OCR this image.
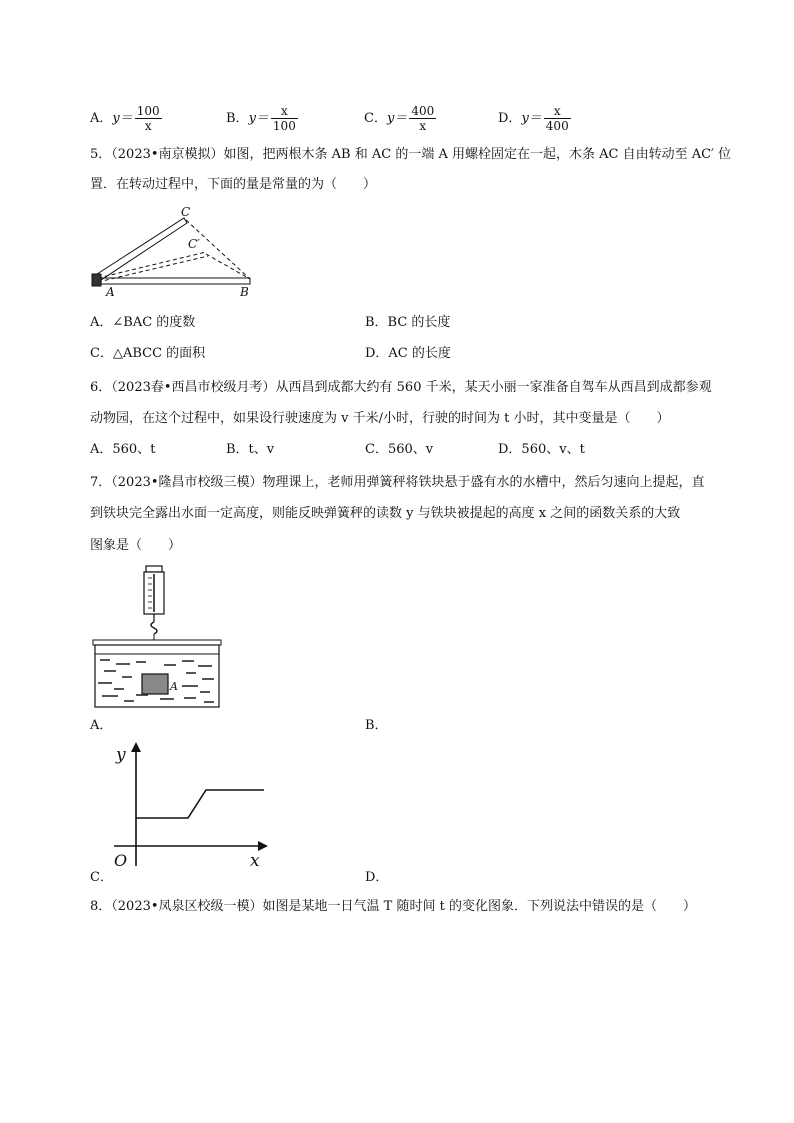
A．$y= \frac{100}{x}$	B．$y= \frac{x}{100}$	C．$y= \frac{400}{x}$	D．$y= \frac{x}{400}$
5．（2023•南京模拟）如图，把两根木条 AB 和 AC 的一端 A 用螺栓固定在一起，木条 AC 自由转动至 AC′ 位
置．在转动过程中，下面的量是常量的为（　　）
C
C′
A	B
A．∠BAC 的度数	B．BC 的长度
C．△ABCC 的面积	D．AC 的长度
6．（2023春•西昌市校级月考）从西昌到成都大约有 560 千米，某天小丽一家准备自驾车从西昌到成都参观
动物园，在这个过程中，如果设行驶速度为 v 千米/小时，行驶的时间为 t 小时，其中变量是（　　）
A．560、t	B．t、v	C．560、v	D．560、v、t
7．（2023•隆昌市校级三模）物理课上，老师用弹簧秤将铁块悬于盛有水的水槽中，然后匀速向上提起，直
到铁块完全露出水面一定高度，则能反映弹簧秤的读数 y 与铁块被提起的高度 x 之间的函数关系的大致
图象是（　　）
A
A．	B．
y
x
O
C．	D．
8．（2023•凤泉区校级一模）如图是某地一日气温 T 随时间 t 的变化图象．下列说法中错误的是（　　）
